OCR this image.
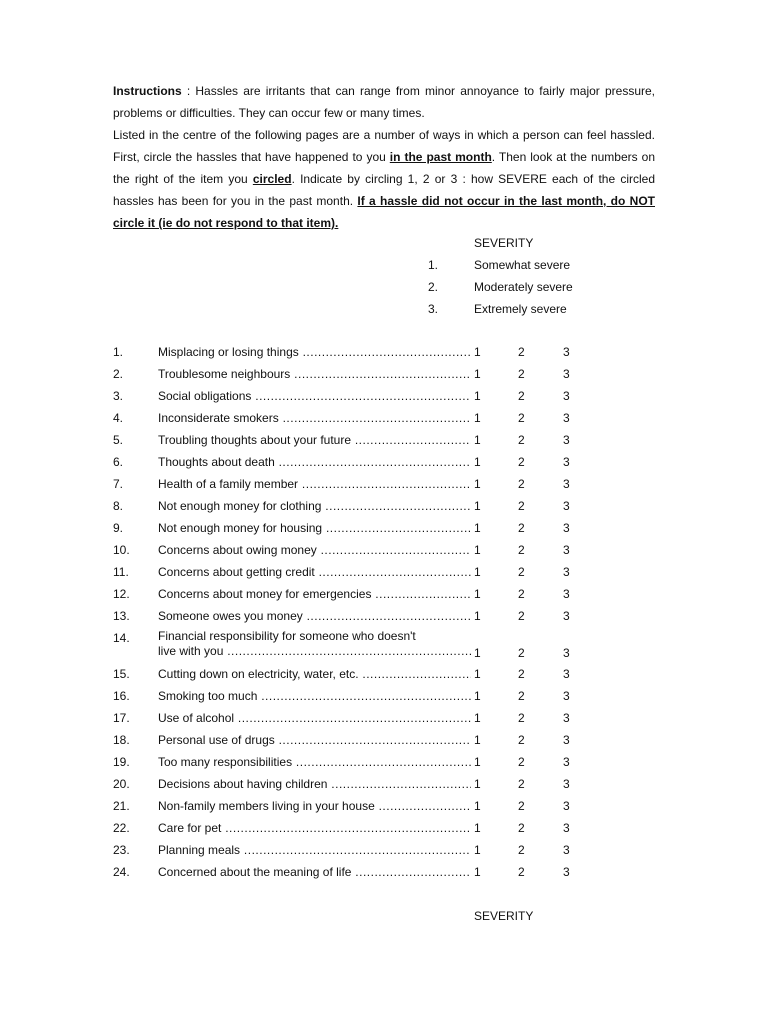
Instructions : Hassles are irritants that can range from minor annoyance to fairly major pressure, problems or difficulties. They can occur few or many times.

Listed in the centre of the following pages are a number of ways in which a person can feel hassled. First, circle the hassles that have happened to you in the past month. Then look at the numbers on the right of the item you circled. Indicate by circling 1, 2 or 3 : how SEVERE each of the circled hassles has been for you in the past month. If a hassle did not occur in the last month, do NOT circle it (ie do not respond to that item).

SEVERITY
1.	Somewhat severe
2.	Moderately severe
3.	Extremely severe
1.	Misplacing or losing things .....	1	2	3
2.	Troublesome neighbours .....	1	2	3
3.	Social obligations .....	1	2	3
4.	Inconsiderate smokers .....	1	2	3
5.	Troubling thoughts about your future .....	1	2	3
6.	Thoughts about death .....	1	2	3
7.	Health of a family member .....	1	2	3
8.	Not enough money for clothing .....	1	2	3
9.	Not enough money for housing .....	1	2	3
10. Concerns about owing money .....	1	2	3
11. Concerns about getting credit .....	1	2	3
12. Concerns about money for emergencies .....	1	2	3
13. Someone owes you money .....	1	2	3
14. Financial responsibility for someone who doesn't
live with you .....	1	2	3
15. Cutting down on electricity, water, etc. .....	1	2	3
16. Smoking too much .....	1	2	3
17. Use of alcohol .....	1	2	3
18. Personal use of drugs .....	1	2	3
19. Too many responsibilities .....	1	2	3
20. Decisions about having children .....	1	2	3
21. Non-family members living in your house .....	1	2	3
22. Care for pet .....	1	2	3
23. Planning meals .....	1	2	3
24. Concerned about the meaning of life .....	1	2	3
SEVERITY
